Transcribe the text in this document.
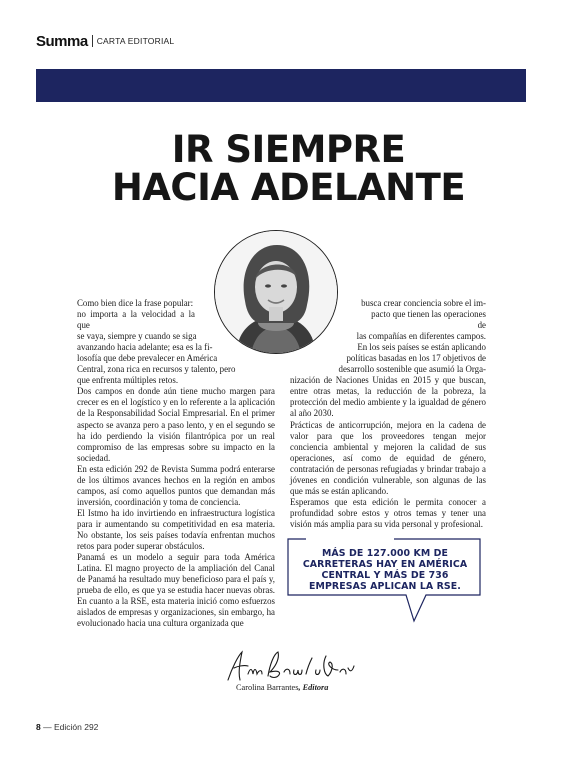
Summa CARTA EDITORIAL
IR SIEMPRE
HACIA ADELANTE
Como bien dice la frase popular:
no importa a la velocidad a la que
se vaya, siempre y cuando se siga
avanzando hacia adelante; esa es la fi-
losofía que debe prevalecer en América
Central, zona rica en recursos y talento, pero
que enfrenta múltiples retos.

Dos campos en donde aún tiene mucho margen para crecer es en el logístico y en lo referente a la aplicación de la Responsabilidad Social Empresarial. En el primer aspecto se avanza pero a paso lento, y en el segundo se ha ido perdiendo la visión filantrópica por un real compromiso de las empresas sobre su impacto en la sociedad.

En esta edición 292 de Revista Summa podrá enterarse de los últimos avances hechos en la región en ambos campos, así como aquellos puntos que demandan más inversión, coordinación y toma de conciencia.

El Istmo ha ido invirtiendo en infraestructura logística para ir aumentando su competitividad en esa materia. No obstante, los seis países todavía enfrentan muchos retos para poder superar obstáculos.

Panamá es un modelo a seguir para toda América Latina. El magno proyecto de la ampliación del Canal de Panamá ha resultado muy beneficioso para el país y, prueba de ello, es que ya se estudia hacer nuevas obras. En cuanto a la RSE, esta materia inició como esfuerzos aislados de empresas y organizaciones, sin embargo, ha evolucionado hacia una cultura organizada que

busca crear conciencia sobre el im-
pacto que tienen las operaciones de
las compañías en diferentes campos.
En los seis países se están aplicando
políticas basadas en los 17 objetivos de
desarrollo sostenible que asumió la Orga-

nización de Naciones Unidas en 2015 y que buscan, entre otras metas, la reducción de la pobreza, la protección del medio ambiente y la igualdad de género al año 2030.

Prácticas de anticorrupción, mejora en la cadena de valor para que los proveedores tengan mejor conciencia ambiental y mejoren la calidad de sus operaciones, así como de equidad de género, contratación de personas refugiadas y brindar trabajo a jóvenes en condición vulnerable, son algunas de las que más se están aplicando.

Esperamos que esta edición le permita conocer a profundidad sobre estos y otros temas y tener una visión más amplia para su vida personal y profesional.

MÁS DE 127.000 KM DE CARRETERAS HAY EN AMÉRICA CENTRAL Y MÁS DE 736 EMPRESAS APLICAN LA RSE.
Carolina Barrantes, Editora
8 — Edición 292
